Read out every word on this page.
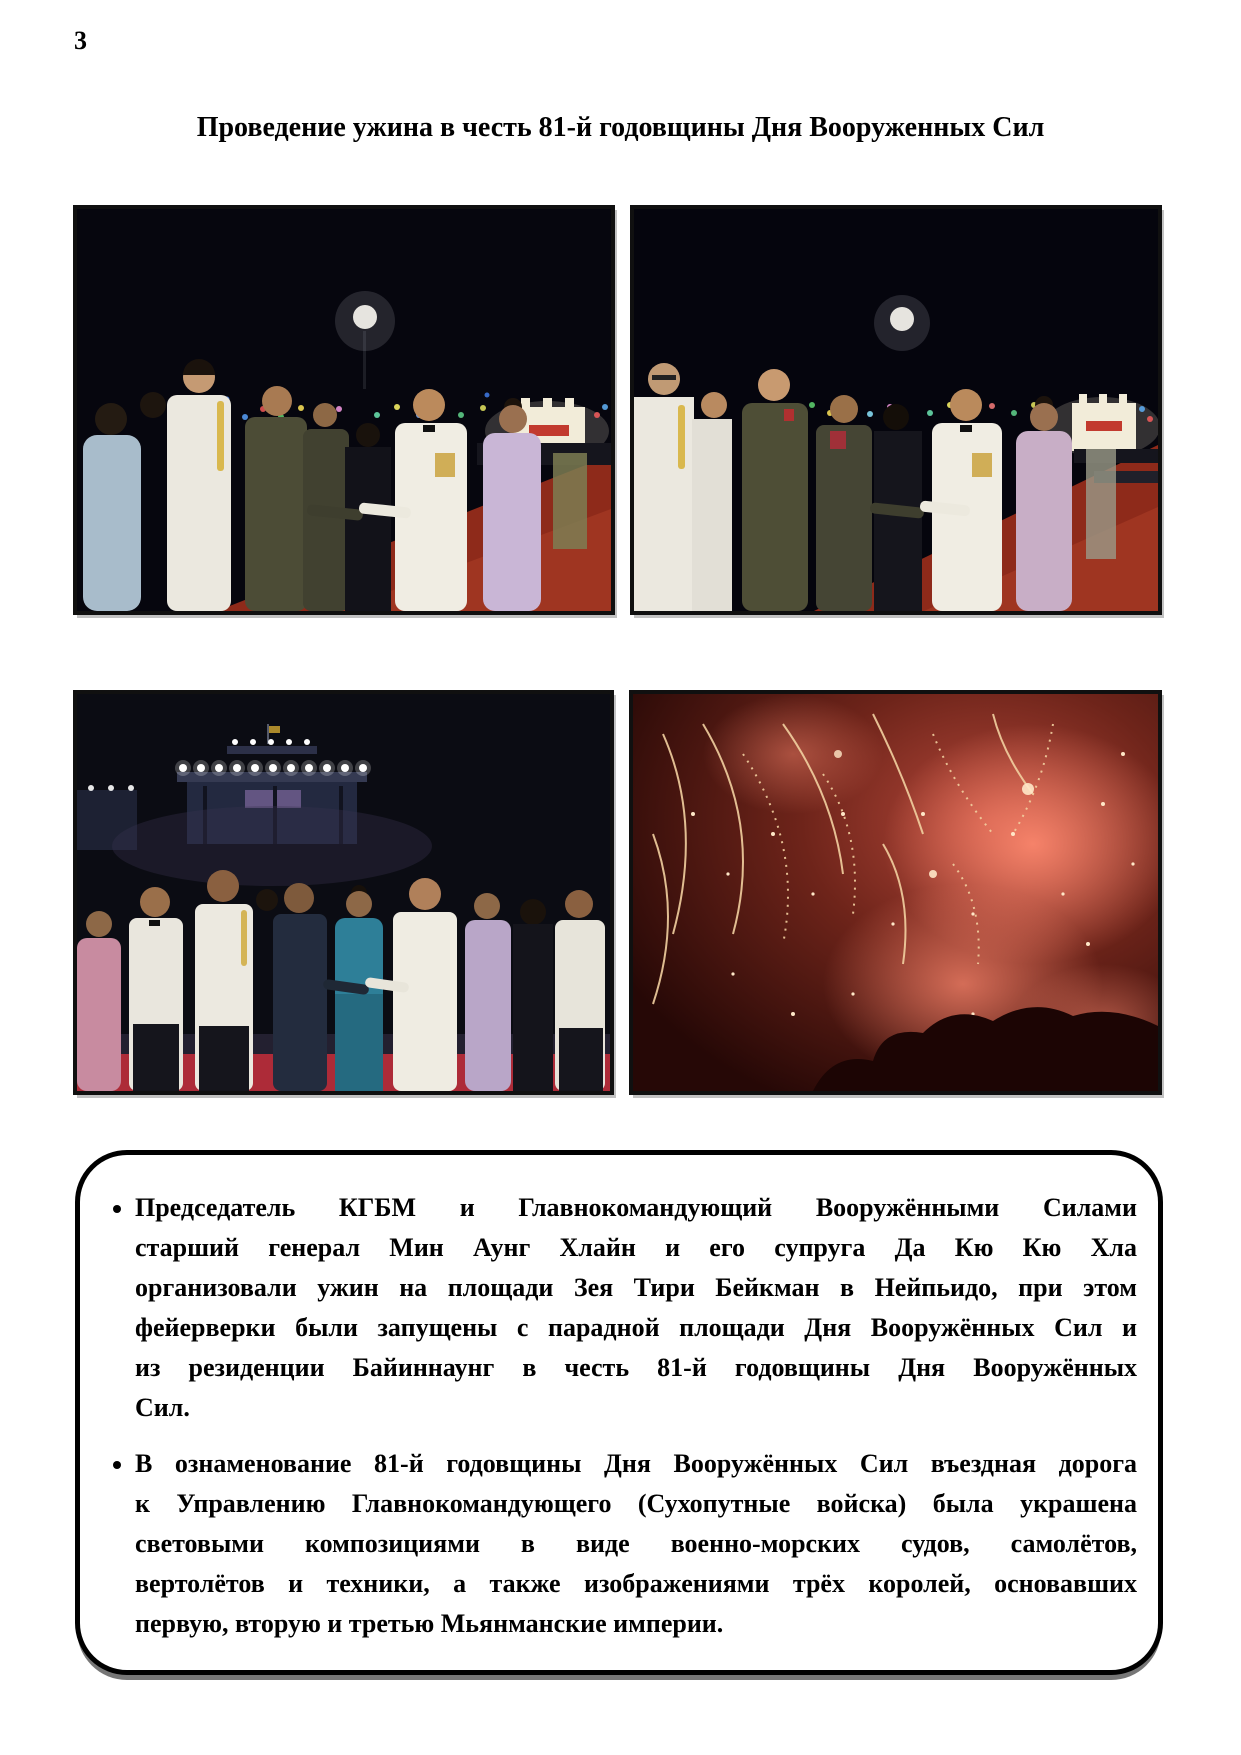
3
Проведение ужина в честь 81-й годовщины Дня Вооруженных Сил
• Председатель КГБМ и Главнокомандующий Вооружёнными Силами
старший генерал Мин Аунг Хлайн и его супруга Да Кю Кю Хла
организовали ужин на площади Зея Тири Бейкман в Нейпьидо, при этом
фейерверки были запущены с парадной площади Дня Вооружённых Сил и
из резиденции Байиннаунг в честь 81-й годовщины Дня Вооружённых
Сил.
• В ознаменование 81-й годовщины Дня Вооружённых Сил въездная дорога
к Управлению Главнокомандующего (Сухопутные войска) была украшена
световыми композициями в виде военно-морских судов, самолётов,
вертолётов и техники, а также изображениями трёх королей, основавших
первую, вторую и третью Мьянманские империи.
